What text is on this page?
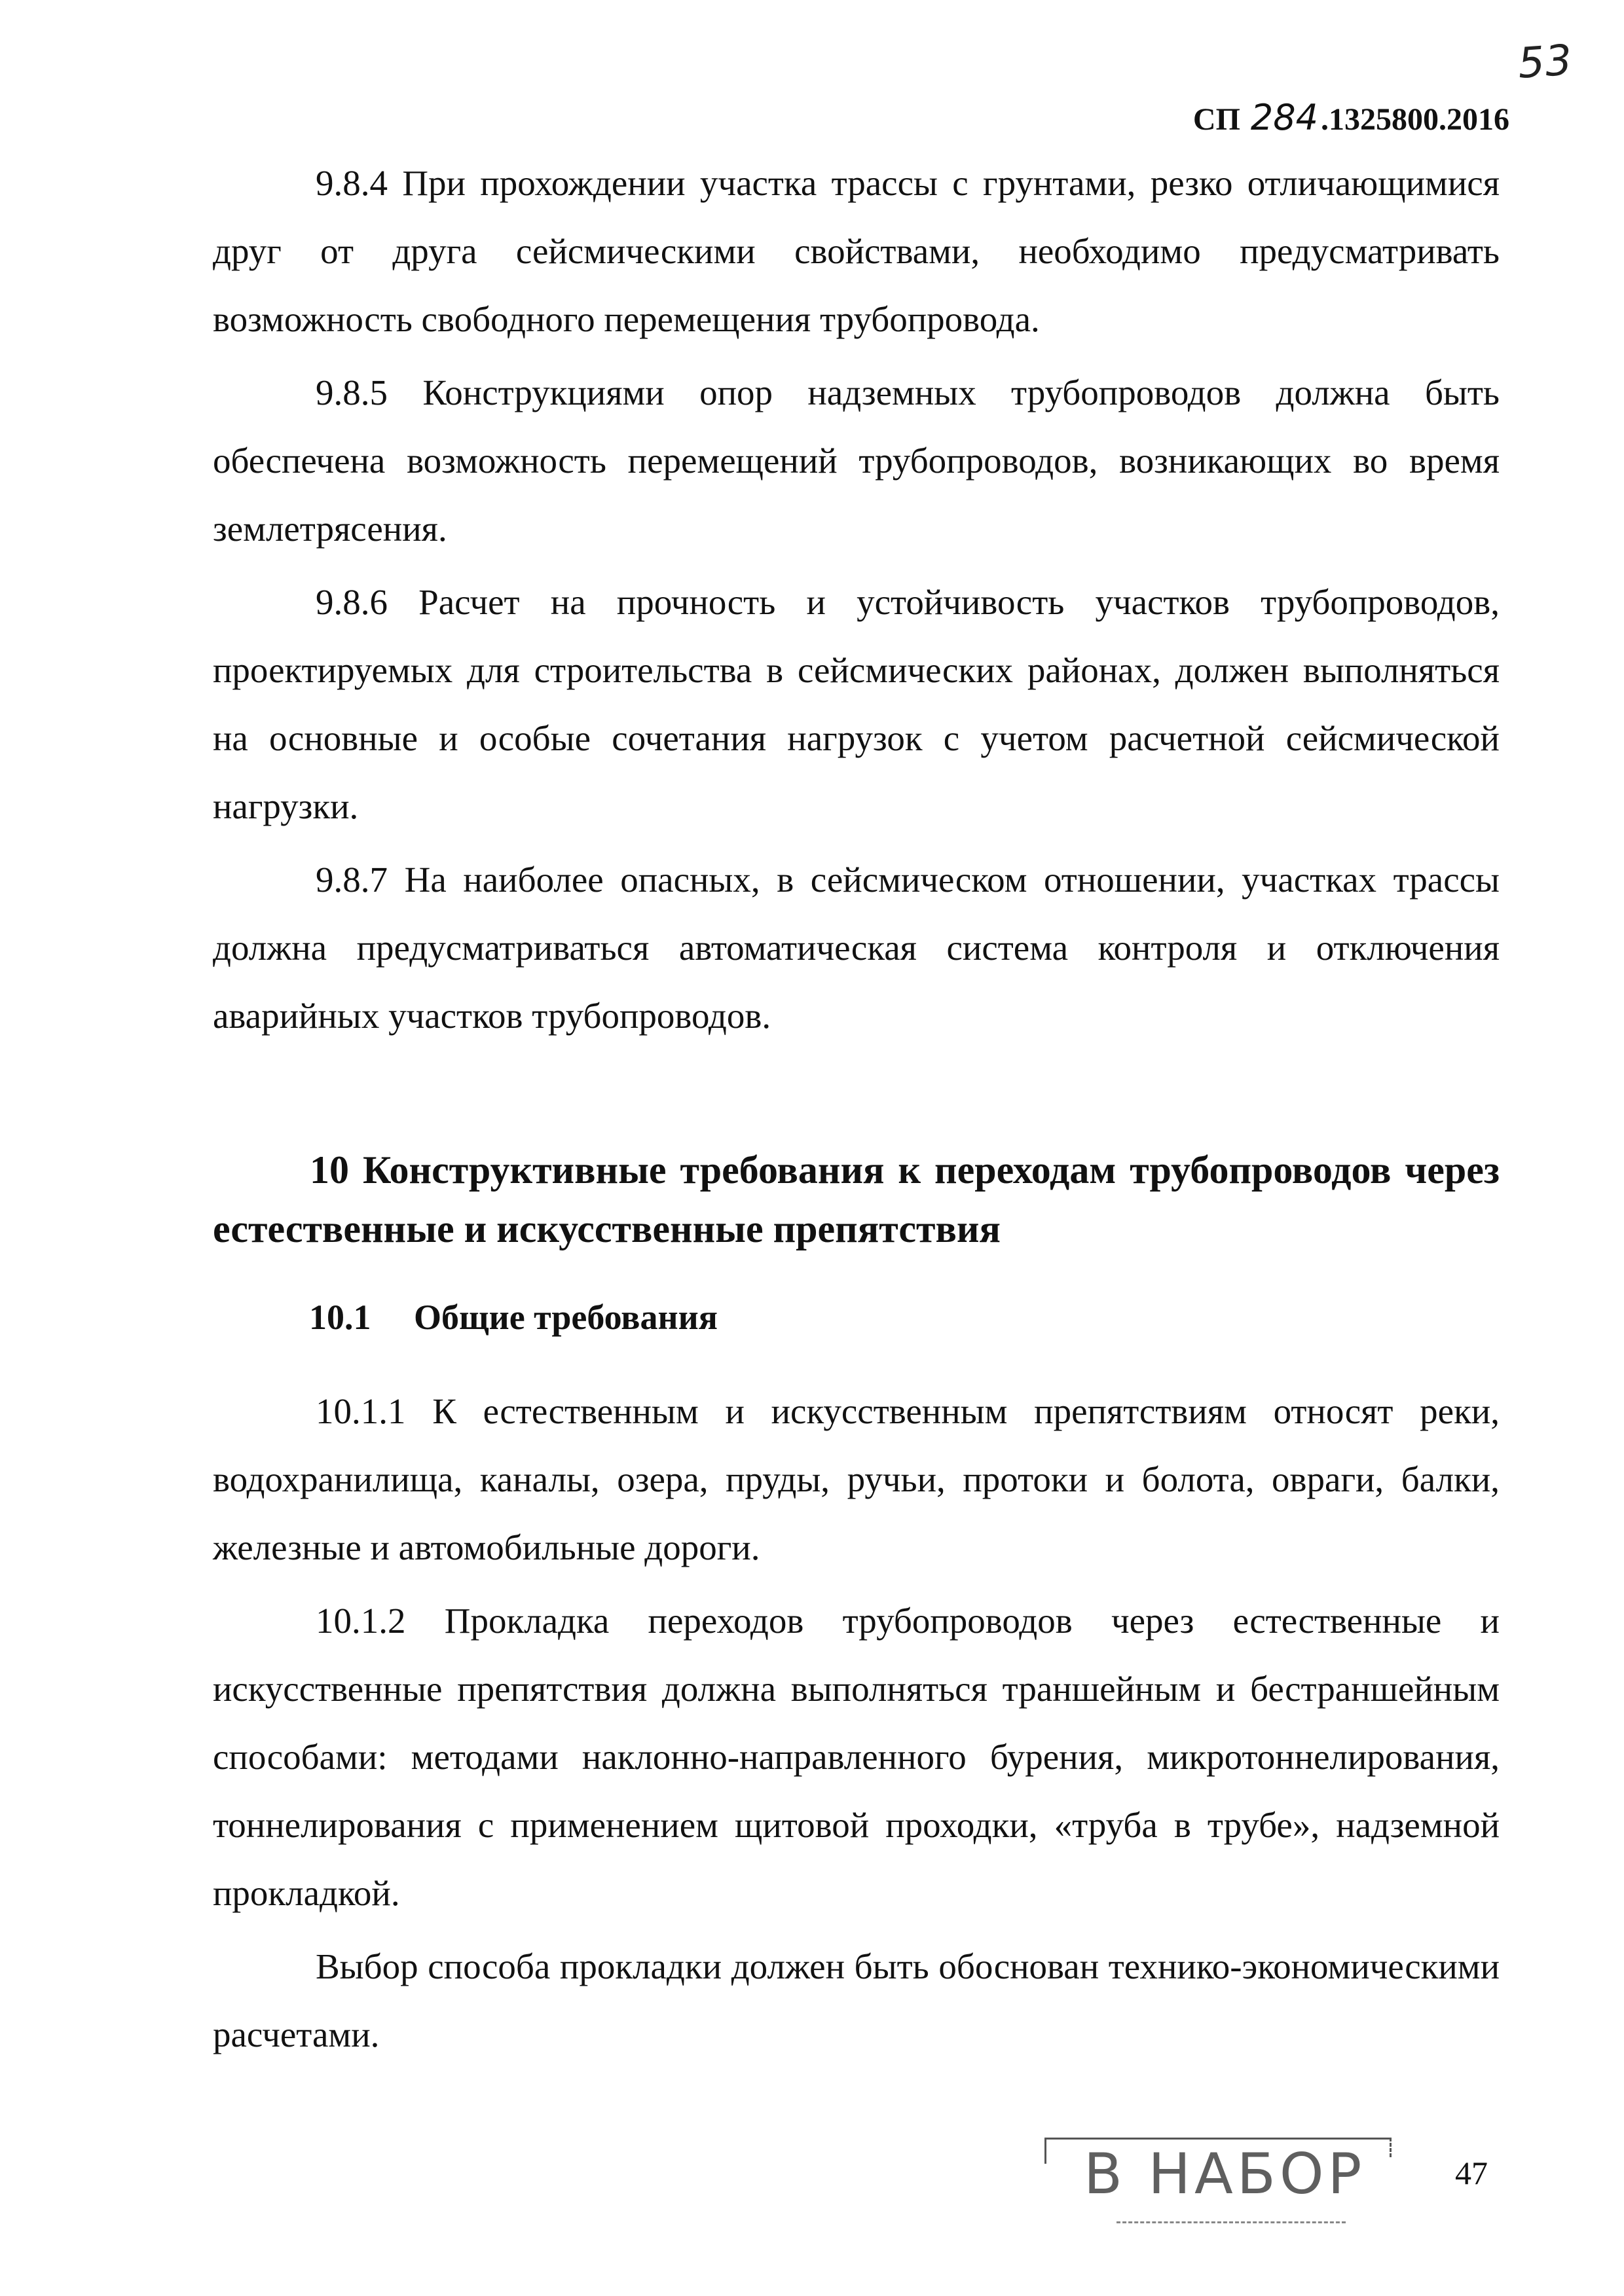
53
СП 284.1325800.2016

9.8.4 При прохождении участка трассы с грунтами, резко отличающимися друг от друга сейсмическими свойствами, необходимо предусматривать возможность свободного перемещения трубопровода.

9.8.5 Конструкциями опор надземных трубопроводов должна быть обеспечена возможность перемещений трубопроводов, возникающих во время землетрясения.

9.8.6 Расчет на прочность и устойчивость участков трубопроводов, проектируемых для строительства в сейсмических районах, должен выполняться на основные и особые сочетания нагрузок с учетом расчетной сейсмической нагрузки.

9.8.7 На наиболее опасных, в сейсмическом отношении, участках трассы должна предусматриваться автоматическая система контроля и отключения аварийных участков трубопроводов.

10 Конструктивные требования к переходам трубопроводов через естественные и искусственные препятствия
10.1 Общие требования

10.1.1 К естественным и искусственным препятствиям относят реки, водохранилища, каналы, озера, пруды, ручьи, протоки и болота, овраги, балки, железные и автомобильные дороги.

10.1.2 Прокладка переходов трубопроводов через естественные и искусственные препятствия должна выполняться траншейным и бестраншейным способами: методами наклонно-направленного бурения, микротоннелирования, тоннелирования с применением щитовой проходки, «труба в трубе», надземной прокладкой.

Выбор способа прокладки должен быть обоснован технико-экономическими расчетами.

В НАБОР	47
